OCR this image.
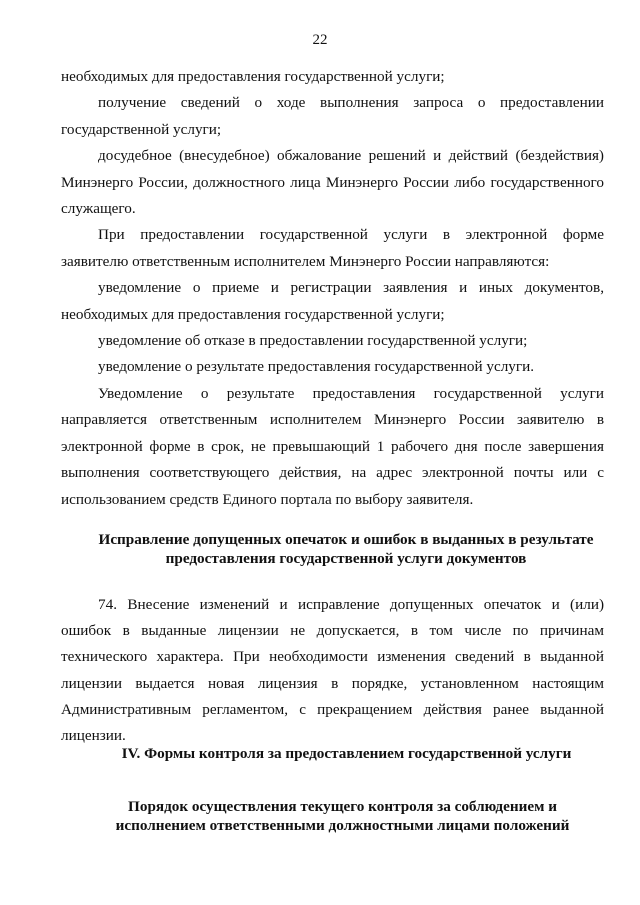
22

необходимых для предоставления государственной услуги;

получение сведений о ходе выполнения запроса о предоставлении государственной услуги;

досудебное (внесудебное) обжалование решений и действий (бездействия) Минэнерго России, должностного лица Минэнерго России либо государственного служащего.

При предоставлении государственной услуги в электронной форме заявителю ответственным исполнителем Минэнерго России направляются:

уведомление о приеме и регистрации заявления и иных документов, необходимых для предоставления государственной услуги;

уведомление об отказе в предоставлении государственной услуги;

уведомление о результате предоставления государственной услуги.

Уведомление о результате предоставления государственной услуги направляется ответственным исполнителем Минэнерго России заявителю в электронной форме в срок, не превышающий 1 рабочего дня после завершения выполнения соответствующего действия, на адрес электронной почты или с использованием средств Единого портала по выбору заявителя.

Исправление допущенных опечаток и ошибок в выданных в результате предоставления государственной услуги документов

74. Внесение изменений и исправление допущенных опечаток и (или) ошибок в выданные лицензии не допускается, в том числе по причинам технического характера. При необходимости изменения сведений в выданной лицензии выдается новая лицензия в порядке, установленном настоящим Административным регламентом, с прекращением действия ранее выданной лицензии.

IV. Формы контроля за предоставлением государственной услуги
Порядок осуществления текущего контроля за соблюдением и исполнением ответственными должностными лицами положений
